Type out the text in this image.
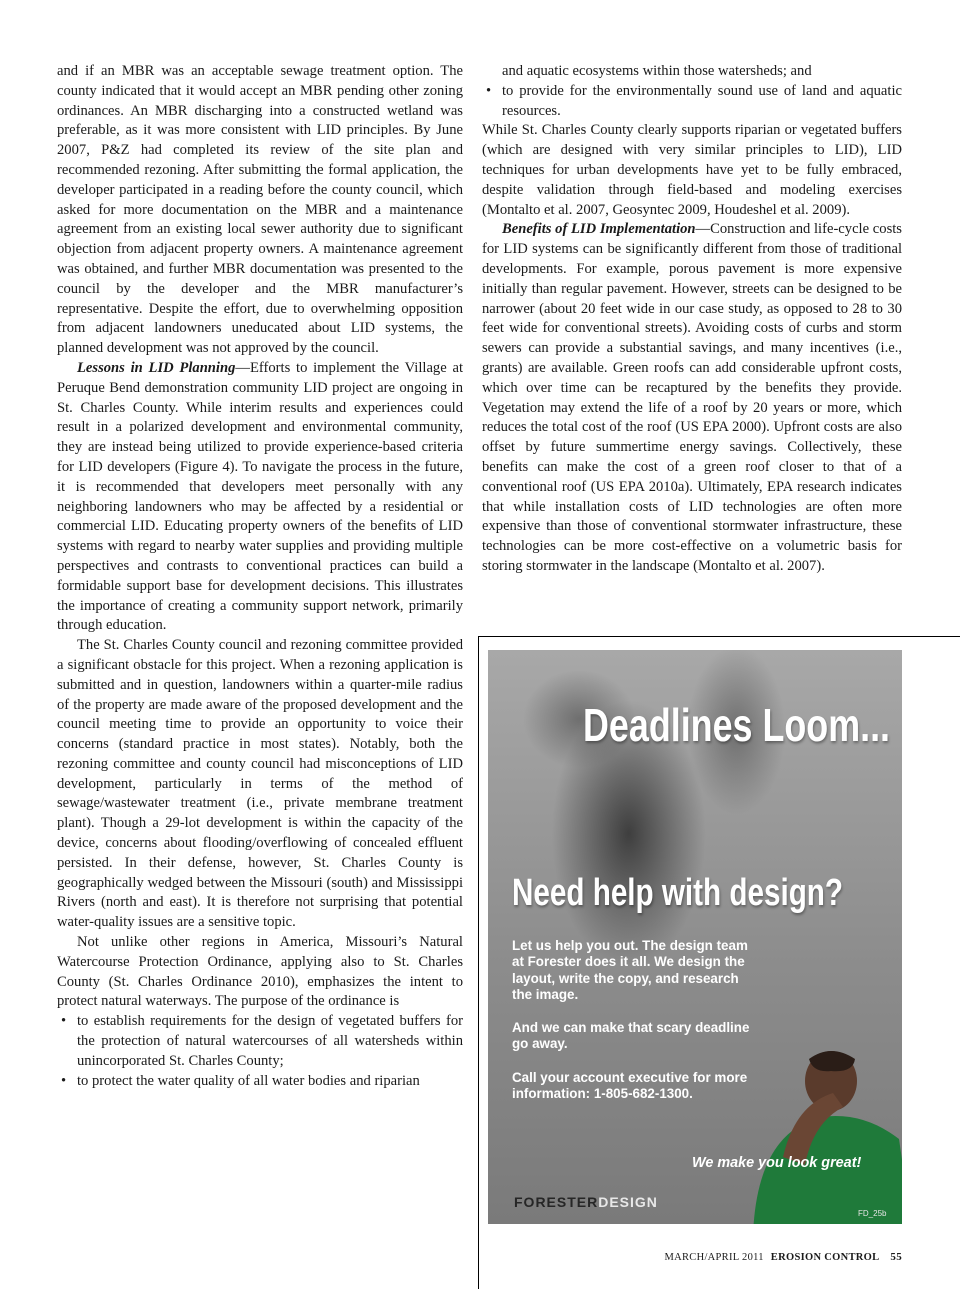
and if an MBR was an acceptable sewage treatment option. The county indicated that it would accept an MBR pending other zoning ordinances. An MBR discharging into a constructed wetland was preferable, as it was more consistent with LID principles. By June 2007, P&Z had completed its review of the site plan and recommended rezoning. After submitting the formal application, the developer participated in a reading before the county council, which asked for more documentation on the MBR and a maintenance agreement from an existing local sewer authority due to significant objection from adjacent property owners. A maintenance agreement was obtained, and further MBR documentation was presented to the council by the developer and the MBR manufacturer’s representative. Despite the effort, due to overwhelming opposition from adjacent landowners uneducated about LID systems, the planned development was not approved by the council.

Lessons in LID Planning—Efforts to implement the Village at Peruque Bend demonstration community LID project are ongoing in St. Charles County. While interim results and experiences could result in a polarized development and environmental community, they are instead being utilized to provide experience-based criteria for LID developers (Figure 4). To navigate the process in the future, it is recommended that developers meet personally with any neighboring landowners who may be affected by a residential or commercial LID. Educating property owners of the benefits of LID systems with regard to nearby water supplies and providing multiple perspectives and contrasts to conventional practices can build a formidable support base for development decisions. This illustrates the importance of creating a community support network, primarily through education.

The St. Charles County council and rezoning committee provided a significant obstacle for this project. When a rezoning application is submitted and in question, landowners within a quarter-mile radius of the property are made aware of the proposed development and the council meeting time to provide an opportunity to voice their concerns (standard practice in most states). Notably, both the rezoning committee and county council had misconceptions of LID development, particularly in terms of the method of sewage/wastewater treatment (i.e., private membrane treatment plant). Though a 29-lot development is within the capacity of the device, concerns about flooding/overflowing of concealed effluent persisted. In their defense, however, St. Charles County is geographically wedged between the Missouri (south) and Mississippi Rivers (north and east). It is therefore not surprising that potential water-quality issues are a sensitive topic.

Not unlike other regions in America, Missouri’s Natural Watercourse Protection Ordinance, applying also to St. Charles County (St. Charles Ordinance 2010), emphasizes the intent to protect natural waterways. The purpose of the ordinance is

• to establish requirements for the design of vegetated buffers for the protection of natural watercourses of all watersheds within unincorporated St. Charles County;
• to protect the water quality of all water bodies and riparian

and aquatic ecosystems within those watersheds; and

• to provide for the environmentally sound use of land and aquatic resources.

While St. Charles County clearly supports riparian or vegetated buffers (which are designed with very similar principles to LID), LID techniques for urban developments have yet to be fully embraced, despite validation through field-based and modeling exercises (Montalto et al. 2007, Geosyntec 2009, Houdeshel et al. 2009).

Benefits of LID Implementation—Construction and life-cycle costs for LID systems can be significantly different from those of traditional developments. For example, porous pavement is more expensive initially than regular pavement. However, streets can be designed to be narrower (about 20 feet wide in our case study, as opposed to 28 to 30 feet wide for conventional streets). Avoiding costs of curbs and storm sewers can provide a substantial savings, and many incentives (i.e., grants) are available. Green roofs can add considerable upfront costs, which over time can be recaptured by the benefits they provide. Vegetation may extend the life of a roof by 20 years or more, which reduces the total cost of the roof (US EPA 2000). Upfront costs are also offset by future summertime energy savings. Collectively, these benefits can make the cost of a green roof closer to that of a conventional roof (US EPA 2010a). Ultimately, EPA research indicates that while installation costs of LID technologies are often more expensive than those of conventional stormwater infrastructure, these technologies can be more cost-effective on a volumetric basis for storing stormwater in the landscape (Montalto et al. 2007).

Deadlines Loom...
Need help with design?

Let us help you out. The design team at Forester does it all. We design the layout, write the copy, and research the image.

And we can make that scary deadline go away.

Call your account executive for more information: 1-805-682-1300.

We make you look great!
FORESTERDESIGN
FD_25b
MARCH/APRIL 2011 EROSION CONTROL 55
